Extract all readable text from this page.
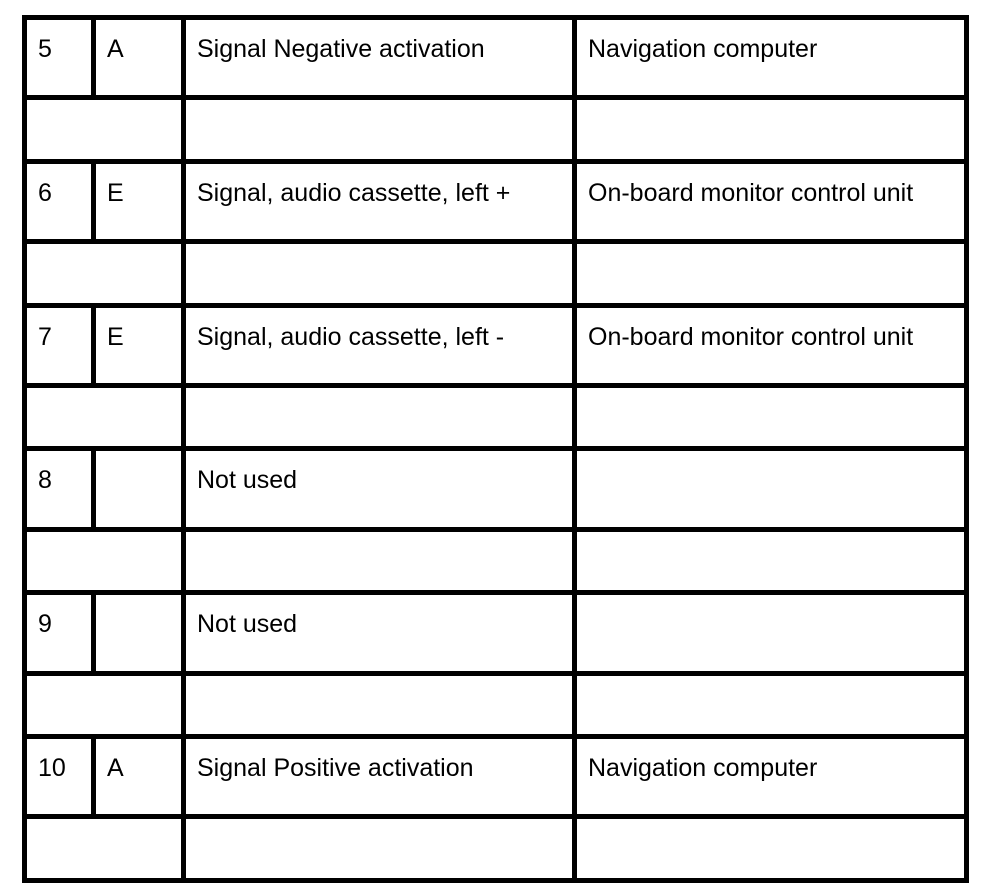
5	A	Signal Negative activation	Navigation computer

6	E	Signal, audio cassette, left +	On-board monitor control unit

7	E	Signal, audio cassette, left -	On-board monitor control unit

8		Not used	

9		Not used	

10	A	Signal Positive activation	Navigation computer
